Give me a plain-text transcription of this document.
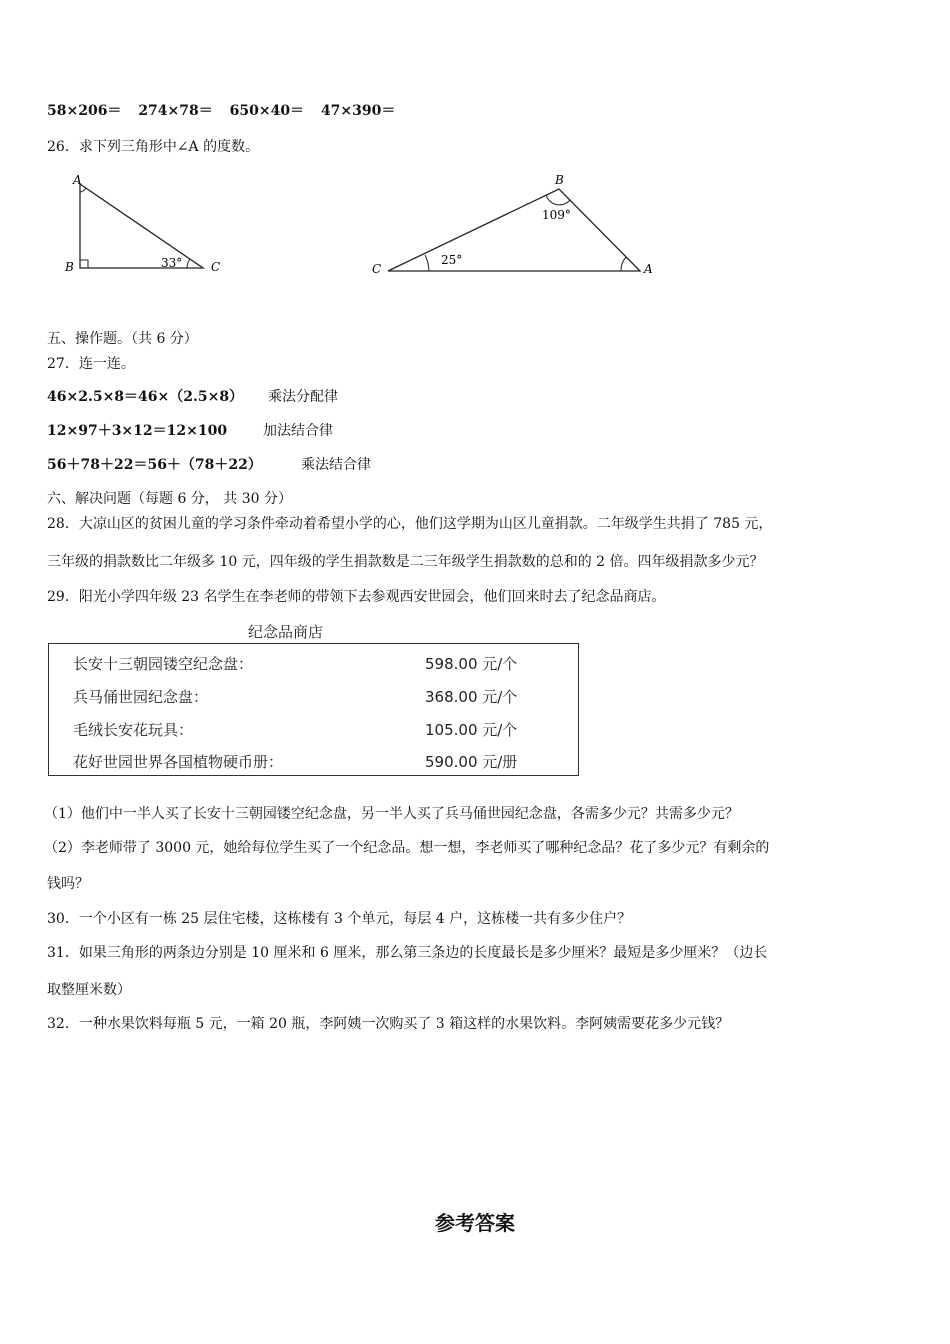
58×206＝ 274×78＝ 650×40＝ 47×390＝
26．求下列三角形中∠A 的度数。
A
B	C
33°
B
C	A
109°
25°
五、操作题。（共 6 分）
27．连一连。
46×2.5×8＝46×（2.5×8） 乘法分配律
12×97＋3×12＝12×100	加法结合律
56＋78＋22＝56＋（78＋22）	乘法结合律
六、解决问题（每题 6 分， 共 30 分）
28．大凉山区的贫困儿童的学习条件牵动着希望小学的心，他们这学期为山区儿童捐款。二年级学生共捐了 785 元，
三年级的捐款数比二年级多 10 元，四年级的学生捐款数是二三年级学生捐款数的总和的 2 倍。四年级捐款多少元？
29．阳光小学四年级 23 名学生在李老师的带领下去参观西安世园会，他们回来时去了纪念品商店。
纪念品商店
长安十三朝园镂空纪念盘：	598.00 元/个
兵马俑世园纪念盘：	368.00 元/个
毛绒长安花玩具：	105.00 元/个
花好世园世界各国植物硬币册：	590.00 元/册
（1）他们中一半人买了长安十三朝园镂空纪念盘，另一半人买了兵马俑世园纪念盘，各需多少元？共需多少元？
（2）李老师带了 3000 元，她给每位学生买了一个纪念品。想一想，李老师买了哪种纪念品？花了多少元？有剩余的
钱吗？
30．一个小区有一栋 25 层住宅楼，这栋楼有 3 个单元，每层 4 户，这栋楼一共有多少住户？
31．如果三角形的两条边分别是 10 厘米和 6 厘米，那么第三条边的长度最长是多少厘米？最短是多少厘米？（边长
取整厘米数）
32．一种水果饮料每瓶 5 元，一箱 20 瓶，李阿姨一次购买了 3 箱这样的水果饮料。李阿姨需要花多少元钱？
参考答案
